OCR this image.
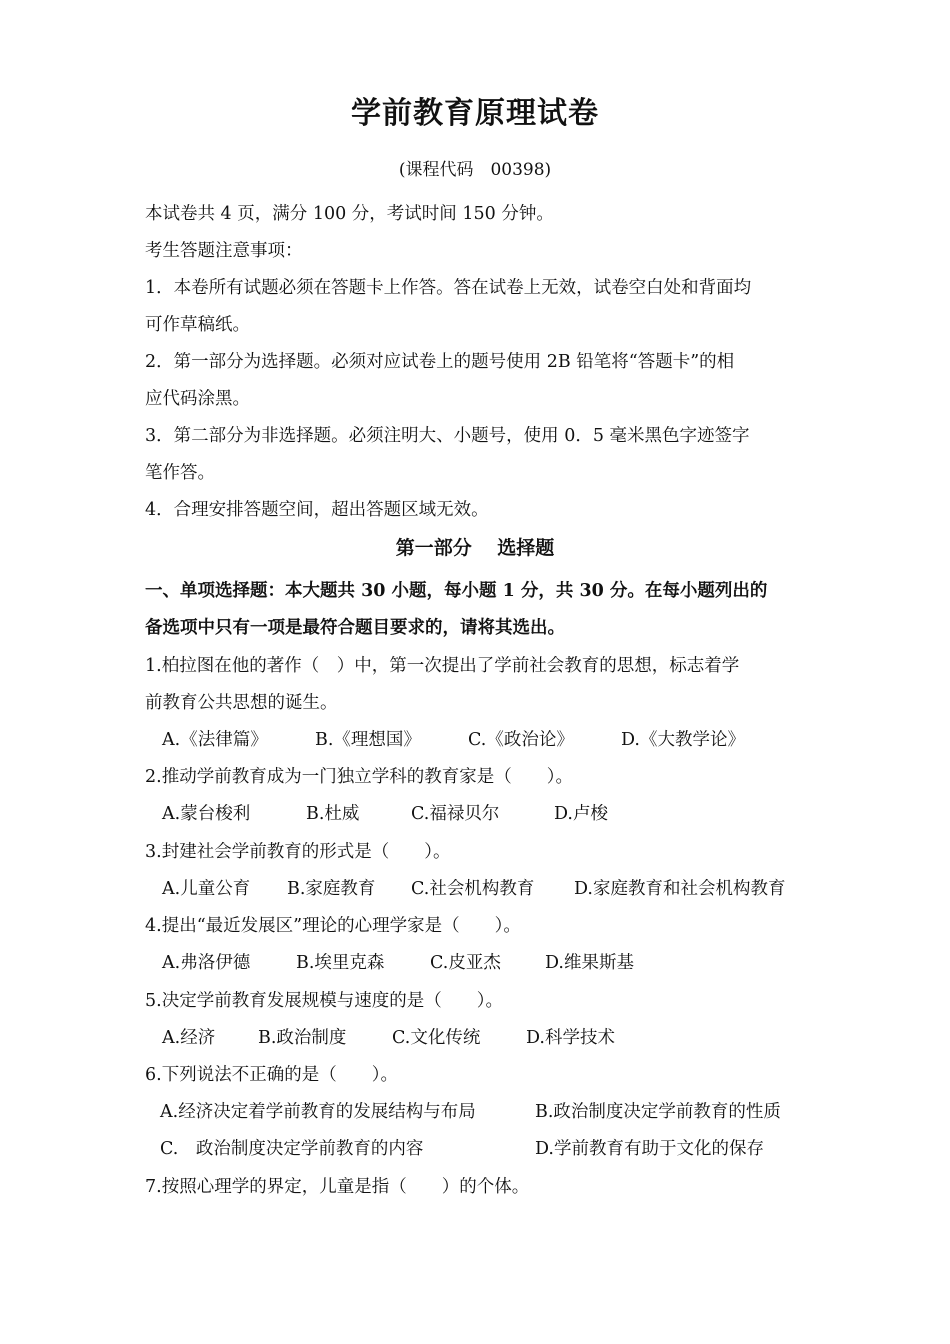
学前教育原理试卷
(课程代码　00398)
本试卷共 4 页，满分 100 分，考试时间 150 分钟。
考生答题注意事项：
1．本卷所有试题必须在答题卡上作答。答在试卷上无效，试卷空白处和背面均
可作草稿纸。
2．第一部分为选择题。必须对应试卷上的题号使用 2B 铅笔将“答题卡”的相
应代码涂黑。
3．第二部分为非选择题。必须注明大、小题号，使用 0．5 毫米黑色字迹签字
笔作答。
4．合理安排答题空间，超出答题区域无效。
第一部分　 选择题
一、单项选择题：本大题共 30 小题，每小题 1 分，共 30 分。在每小题列出的
备选项中只有一项是最符合题目要求的，请将其选出。
1.柏拉图在他的著作（　）中，第一次提出了学前社会教育的思想，标志着学
前教育公共思想的诞生。
A.《法律篇》	B.《理想国》	C.《政治论》	D.《大教学论》
2.推动学前教育成为一门独立学科的教育家是（　　）。
A.蒙台梭利	B.杜威	C.福禄贝尔	D.卢梭
3.封建社会学前教育的形式是（　　）。
A.儿童公育 B.家庭教育 C.社会机构教育 D.家庭教育和社会机构教育
4.提出“最近发展区”理论的心理学家是（　　）。
A.弗洛伊德	B.埃里克森	C.皮亚杰	D.维果斯基
5.决定学前教育发展规模与速度的是（　　）。
A.经济 B.政治制度	C.文化传统	D.科学技术
6.下列说法不正确的是（　　）。
A.经济决定着学前教育的发展结构与布局	B.政治制度决定学前教育的性质
C.　政治制度决定学前教育的内容	D.学前教育有助于文化的保存
7.按照心理学的界定，儿童是指（　　）的个体。
